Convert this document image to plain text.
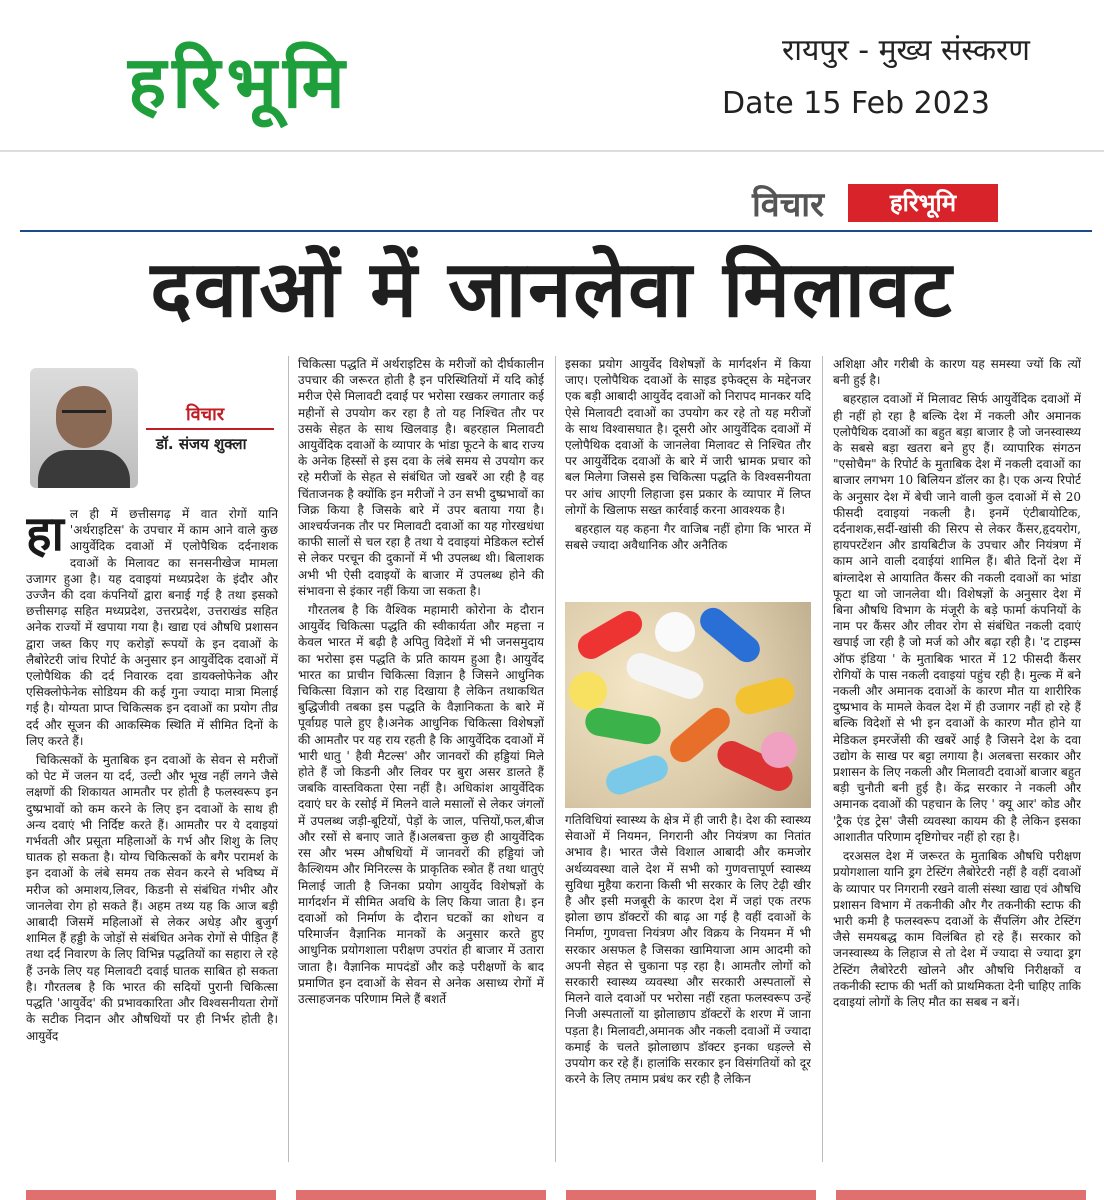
हरिभूमि	रायपुर - मुख्य संस्करण
Date 15 Feb 2023
विचार	हरिभूमि
दवाओं में जानलेवा मिलावट
विचार
डॉ. संजय शुक्ला

हाल ही में छत्तीसगढ़ में वात रोगों यानि 'अर्थराइटिस' के उपचार में काम आने वाले कुछ आयुर्वेदिक दवाओं में एलोपैथिक दर्दनाशक दवाओं के मिलावट का सनसनीखेज मामला उजागर हुआ है। यह दवाइयां मध्यप्रदेश के इंदौर और उज्जैन की दवा कंपनियों द्वारा बनाई गई है तथा इसको छत्तीसगढ़ सहित मध्यप्रदेश, उत्तरप्रदेश, उत्तराखंड सहित अनेक राज्यों में खपाया गया है। खाद्य एवं औषधि प्रशासन द्वारा जब्त किए गए करोड़ों रूपयों के इन दवाओं के लैबोरेटरी जांच रिपोर्ट के अनुसार इन आयुर्वेदिक दवाओं में एलोपैथिक की दर्द निवारक दवा डायक्लोफेनेक और एसिक्लोफेनेक सोडियम की कई गुना ज्यादा मात्रा मिलाई गई है। योग्यता प्राप्त चिकित्सक इन दवाओं का प्रयोग तीव्र दर्द और सूजन की आकस्मिक स्थिति में सीमित दिनों के लिए करते हैं।

चिकित्सकों के मुताबिक इन दवाओं के सेवन से मरीजों को पेट में जलन या दर्द, उल्टी और भूख नहीं लगने जैसे लक्षणों की शिकायत आमतौर पर होती है फलस्वरूप इन दुष्प्रभावों को कम करने के लिए इन दवाओं के साथ ही अन्य दवाएं भी निर्दिष्ट करते हैं। आमतौर पर ये दवाइयां गर्भवती और प्रसूता महिलाओं के गर्भ और शिशु के लिए घातक हो सकता है। योग्य चिकित्सकों के बगैर परामर्श के इन दवाओं के लंबे समय तक सेवन करने से भविष्य में मरीज को अमाशय,लिवर, किडनी से संबंधित गंभीर और जानलेवा रोग हो सकते हैं। अहम तथ्य यह कि आज बड़ी आबादी जिसमें महिलाओं से लेकर अधेड़ और बुजुर्ग शामिल हैं हड्डी के जोड़ों से संबंधित अनेक रोगों से पीड़ित हैं तथा दर्द निवारण के लिए विभिन्न पद्धतियों का सहारा ले रहे हैं उनके लिए यह मिलावटी दवाई घातक साबित हो सकता है। गौरतलब है कि भारत की सदियों पुरानी चिकित्सा पद्धति 'आयुर्वेद' की प्रभावकारिता और विश्वसनीयता रोगों के सटीक निदान और औषधियों पर ही निर्भर होती है।आयुर्वेद

चिकित्सा पद्धति में अर्थराइटिस के मरीजों को दीर्घकालीन उपचार की जरूरत होती है इन परिस्थितियों में यदि कोई मरीज ऐसे मिलावटी दवाई पर भरोसा रखकर लगातार कई महीनों से उपयोग कर रहा है तो यह निश्चित तौर पर उसके सेहत के साथ खिलवाड़ है। बहरहाल मिलावटी आयुर्वेदिक दवाओं के व्यापार के भांडा फूटने के बाद राज्य के अनेक हिस्सों से इस दवा के लंबे समय से उपयोग कर रहे मरीजों के सेहत से संबंधित जो खबरें आ रही है वह चिंताजनक है क्योंकि इन मरीजों ने उन सभी दुष्प्रभावों का जिक्र किया है जिसके बारे में उपर बताया गया है।आश्चर्यजनक तौर पर मिलावटी दवाओं का यह गोरखधंधा काफी सालों से चल रहा है तथा ये दवाइयां मेडिकल स्टोर्स से लेकर परचून की दुकानों में भी उपलब्ध थी। बिलाशक अभी भी ऐसी दवाइयों के बाजार में उपलब्ध होने की संभावना से इंकार नहीं किया जा सकता है।

गौरतलब है कि वैश्विक महामारी कोरोना के दौरान आयुर्वेद चिकित्सा पद्धति की स्वीकार्यता और महत्ता न केवल भारत में बढ़ी है अपितु विदेशों में भी जनसमुदाय का भरोसा इस पद्धति के प्रति कायम हुआ है। आयुर्वेद भारत का प्राचीन चिकित्सा विज्ञान है जिसने आधुनिक चिकित्सा विज्ञान को राह दिखाया है लेकिन तथाकथित बुद्धिजीवी तबका इस पद्धति के वैज्ञानिकता के बारे में पूर्वाग्रह पाले हुए है।अनेक आधुनिक चिकित्सा विशेषज्ञों की आमतौर पर यह राय रहती है कि आयुर्वेदिक दवाओं में भारी धातु ' हैवी मैटल्स' और जानवरों की हड्डियां मिले होते हैं जो किडनी और लिवर पर बुरा असर डालते हैं जबकि वास्तविकता ऐसा नहीं है। अधिकांश आयुर्वेदिक दवाएं घर के रसोई में मिलने वाले मसालों से लेकर जंगलों में उपलब्ध जड़ी-बूटियों, पेड़ों के जाल, पत्तियों,फल,बीज और रसों से बनाए जाते हैं।अलबत्ता कुछ ही आयुर्वेदिक रस और भस्म औषधियों में जानवरों की हड्डियां जो कैल्शियम और मिनिरल्स के प्राकृतिक स्त्रोत हैं तथा धातुएं मिलाई जाती है जिनका प्रयोग आयुर्वेद विशेषज्ञों के मार्गदर्शन में सीमित अवधि के लिए किया जाता है। इन दवाओं को निर्माण के दौरान घटकों का शोधन व परिमार्जन वैज्ञानिक मानकों के अनुसार करते हुए आधुनिक प्रयोगशाला परीक्षण उपरांत ही बाजार में उतारा जाता है। वैज्ञानिक मापदंडों और कड़े परीक्षणों के बाद प्रमाणित इन दवाओं के सेवन से अनेक असाध्य रोगों में उत्साहजनक परिणाम मिले हैं बशर्ते

इसका प्रयोग आयुर्वेद विशेषज्ञों के मार्गदर्शन में किया जाए। एलोपैथिक दवाओं के साइड इफेक्ट्स के मद्देनजर एक बड़ी आबादी आयुर्वेद दवाओं को निरापद मानकर यदि ऐसे मिलावटी दवाओं का उपयोग कर रहे तो यह मरीजों के साथ विश्वासघात है। दूसरी ओर आयुर्वेदिक दवाओं में एलोपैथिक दवाओं के जानलेवा मिलावट से निश्चित तौर पर आयुर्वेदिक दवाओं के बारे में जारी भ्रामक प्रचार को बल मिलेगा जिससे इस चिकित्सा पद्धति के विश्वसनीयता पर आंच आएगी लिहाजा इस प्रकार के व्यापार में लिप्त लोगों के खिलाफ सख्त कार्रवाई करना आवश्यक है।

बहरहाल यह कहना गैर वाजिब नहीं होगा कि भारत में सबसे ज्यादा अवैधानिक और अनैतिक

गतिविधियां स्वास्थ्य के क्षेत्र में ही जारी है। देश की स्वास्थ्य सेवाओं में नियमन, निगरानी और नियंत्रण का नितांत अभाव है। भारत जैसे विशाल आबादी और कमजोर अर्थव्यवस्था वाले देश में सभी को गुणवत्तापूर्ण स्वास्थ्य सुविधा मुहैया कराना किसी भी सरकार के लिए टेढ़ी खीर है और इसी मजबूरी के कारण देश में जहां एक तरफ झोला छाप डॉक्टरों की बाढ़ आ गई है वहीं दवाओं के निर्माण, गुणवत्ता नियंत्रण और विक्रय के नियमन में भी सरकार असफल है जिसका खामियाजा आम आदमी को अपनी सेहत से चुकाना पड़ रहा है। आमतौर लोगों को सरकारी स्वास्थ्य व्यवस्था और सरकारी अस्पतालों से मिलने वाले दवाओं पर भरोसा नहीं रहता फलस्वरूप उन्हें निजी अस्पतालों या झोलाछाप डॉक्टरों के शरण में जाना पड़ता है। मिलावटी,अमानक और नकली दवाओं में ज्यादा कमाई के चलते झोलाछाप डॉक्टर इनका धड़ल्ले से उपयोग कर रहे हैं। हालांकि सरकार इन विसंगतियों को दूर करने के लिए तमाम प्रबंध कर रही है लेकिन

अशिक्षा और गरीबी के कारण यह समस्या ज्यों कि त्यों बनी हुई है।

बहरहाल दवाओं में मिलावट सिर्फ आयुर्वेदिक दवाओं में ही नहीं हो रहा है बल्कि देश में नकली और अमानक एलोपैथिक दवाओं का बहुत बड़ा बाजार है जो जनस्वास्थ्य के सबसे बड़ा खतरा बने हुए हैं। व्यापारिक संगठन "एसोचैम" के रिपोर्ट के मुताबिक देश में नकली दवाओं का बाजार लगभग 10 बिलियन डॉलर का है। एक अन्य रिपोर्ट के अनुसार देश में बेची जाने वाली कुल दवाओं में से 20 फीसदी दवाइयां नकली है। इनमें एंटीबायोटिक, दर्दनाशक,सर्दी-खांसी की सिरप से लेकर कैंसर,हृदयरोग, हायपरटेंशन और डायबिटीज के उपचार और नियंत्रण में काम आने वाली दवाईयां शामिल हैं। बीते दिनों देश में बांग्लादेश से आयातित कैंसर की नकली दवाओं का भांडा फूटा था जो जानलेवा थी। विशेषज्ञों के अनुसार देश में बिना औषधि विभाग के मंजूरी के बड़े फार्मा कंपनियों के नाम पर कैंसर और लीवर रोग से संबंधित नकली दवाएं खपाई जा रही है जो मर्ज को और बढ़ा रही है। 'द टाइम्स ऑफ इंडिया ' के मुताबिक भारत में 12 फीसदी कैंसर रोगियों के पास नकली दवाइयां पहुंच रही है। मुल्क में बने नकली और अमानक दवाओं के कारण मौत या शारीरिक दुष्प्रभाव के मामले केवल देश में ही उजागर नहीं हो रहे हैं बल्कि विदेशों से भी इन दवाओं के कारण मौत होने या मेडिकल इमरजेंसी की खबरें आई है जिसने देश के दवा उद्योग के साख पर बट्टा लगाया है। अलबत्ता सरकार और प्रशासन के लिए नकली और मिलावटी दवाओं बाजार बहुत बड़ी चुनौती बनी हुई है। केंद्र सरकार ने नकली और अमानक दवाओं की पहचान के लिए ' क्यू आर' कोड और 'ट्रैक एंड ट्रेस' जैसी व्यवस्था कायम की है लेकिन इसका आशातीत परिणाम दृष्टिगोचर नहीं हो रहा है।

दरअसल देश में जरूरत के मुताबिक औषधि परीक्षण प्रयोगशाला यानि ड्रग टेस्टिंग लैबोरेटरी नहीं है वहीं दवाओं के व्यापार पर निगरानी रखने वाली संस्था खाद्य एवं औषधि प्रशासन विभाग में तकनीकी और गैर तकनीकी स्टाफ की भारी कमी है फलस्वरूप दवाओं के सैंपलिंग और टेस्टिंग जैसे समयबद्ध काम विलंबित हो रहे हैं। सरकार को जनस्वास्थ्य के लिहाज से तो देश में ज्यादा से ज्यादा ड्रग टेस्टिंग लैबोरेटरी खोलने और औषधि निरीक्षकों व तकनीकी स्टाफ की भर्ती को प्राथमिकता देनी चाहिए ताकि दवाइयां लोगों के लिए मौत का सबब न बनें।
